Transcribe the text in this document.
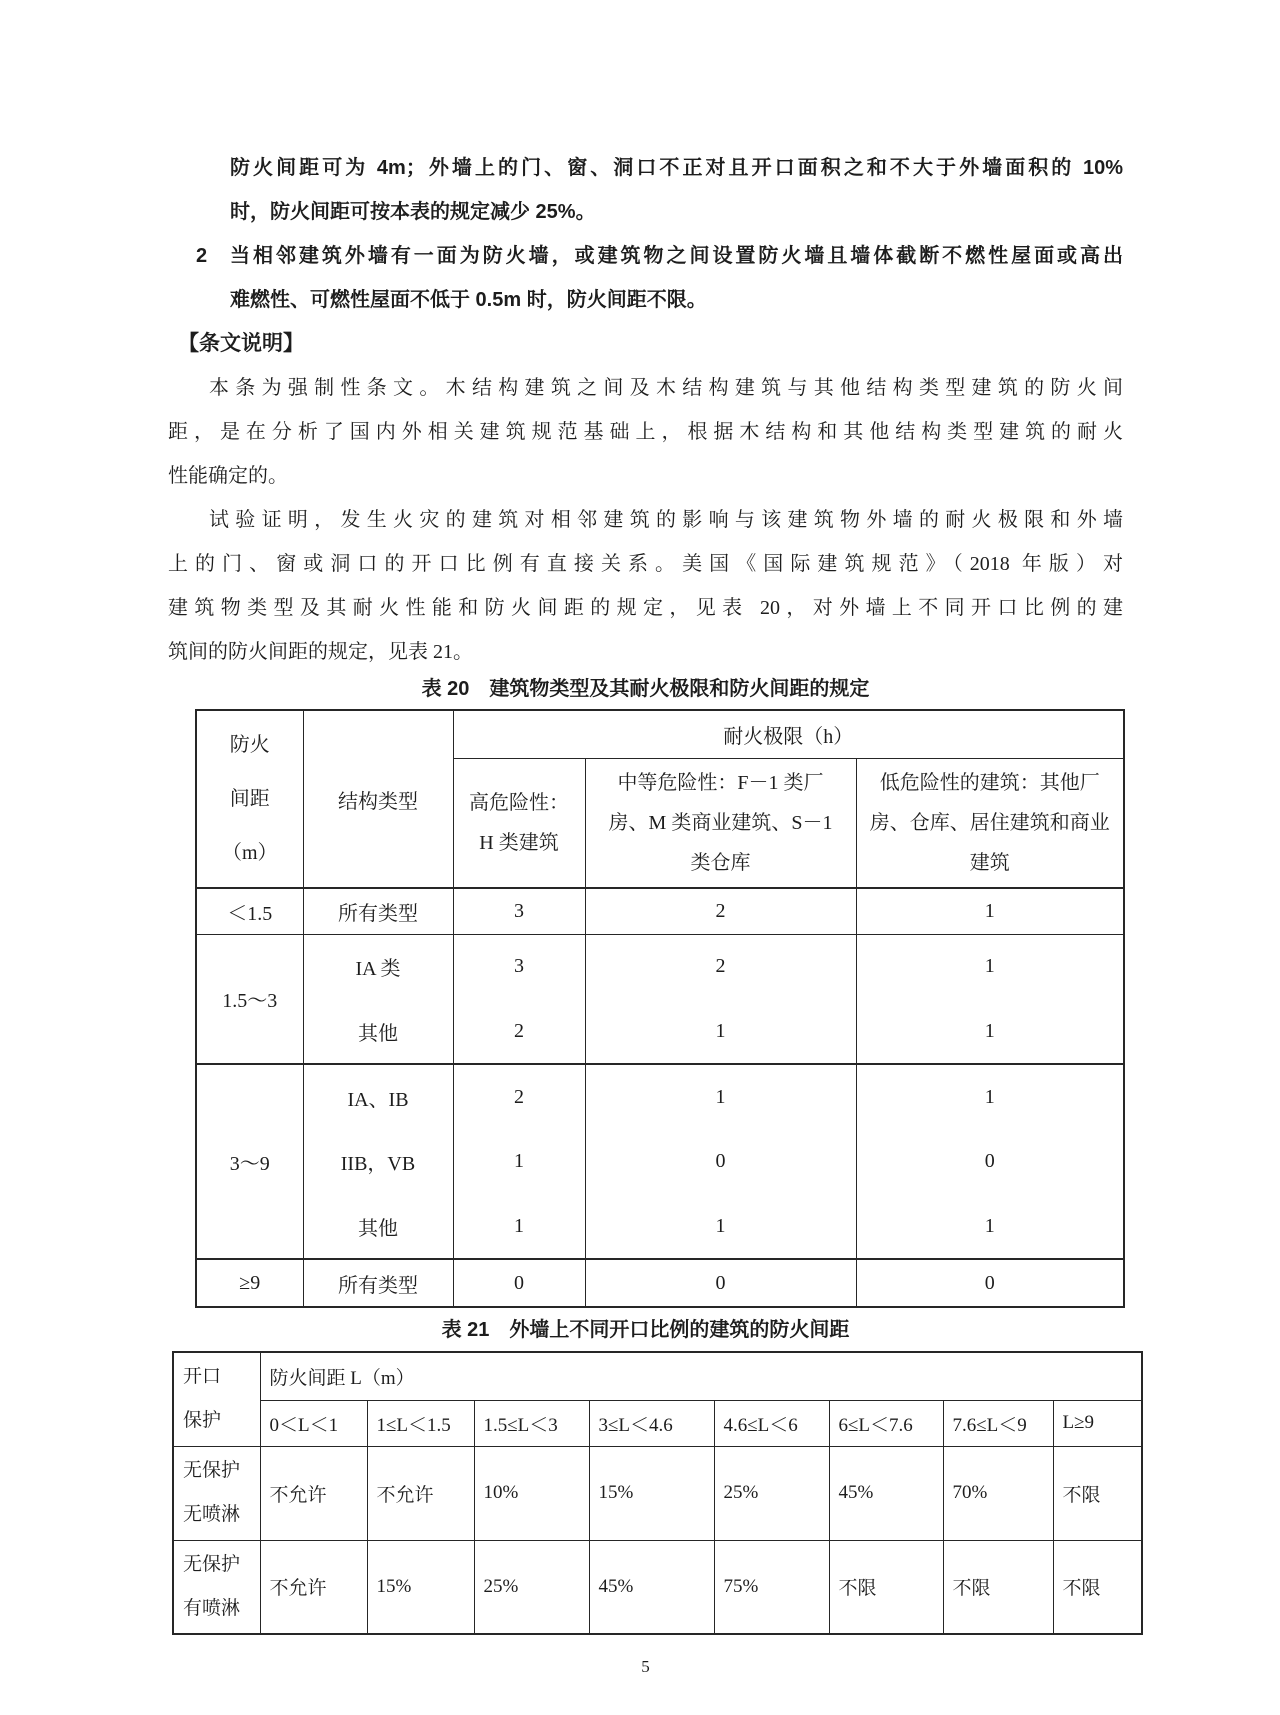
防火间距可为 4m；外墙上的门、窗、洞口不正对且开口面积之和不大于外墙面积的 10%
时，防火间距可按本表的规定减少 25%。
2 当相邻建筑外墙有一面为防火墙，或建筑物之间设置防火墙且墙体截断不燃性屋面或高出
难燃性、可燃性屋面不低于 0.5m 时，防火间距不限。
【条文说明】
本条为强制性条文。木结构建筑之间及木结构建筑与其他结构类型建筑的防火间
距，是在分析了国内外相关建筑规范基础上，根据木结构和其他结构类型建筑的耐火
性能确定的。
试验证明，发生火灾的建筑对相邻建筑的影响与该建筑物外墙的耐火极限和外墙
上的门、窗或洞口的开口比例有直接关系。美国《国际建筑规范》（2018 年版）对
建筑物类型及其耐火性能和防火间距的规定，见表 20，对外墙上不同开口比例的建
筑间的防火间距的规定，见表 21。
表 20　建筑物类型及其耐火极限和防火间距的规定
防火
间距
（m）	结构类型	耐火极限（h）		
		高危险性： H 类建筑	中等危险性：F－1 类厂房、M 类商业建筑、S－1 类仓库	低危险性的建筑：其他厂房、仓库、居住建筑和商业建筑
＜1.5	所有类型	3	2	1
1.5～3	IA 类	3	2	1
	其他	2	1	1
3～9	IA、IB	2	1	1
	IIB，VB	1	0	0
	其他	1	1	1
≥9	所有类型	0	0	0
表 21　外墙上不同开口比例的建筑的防火间距
开口
保护	防火间距 L（m）							
	0＜L＜1	1≤L＜1.5	1.5≤L＜3	3≤L＜4.6	4.6≤L＜6	6≤L＜7.6	7.6≤L＜9	L≥9

无保护
无喷淋	不允许	不允许	10%	15%	25%	45%	70%	不限

无保护
有喷淋	不允许	15%	25%	45%	75%	不限	不限	不限
5
